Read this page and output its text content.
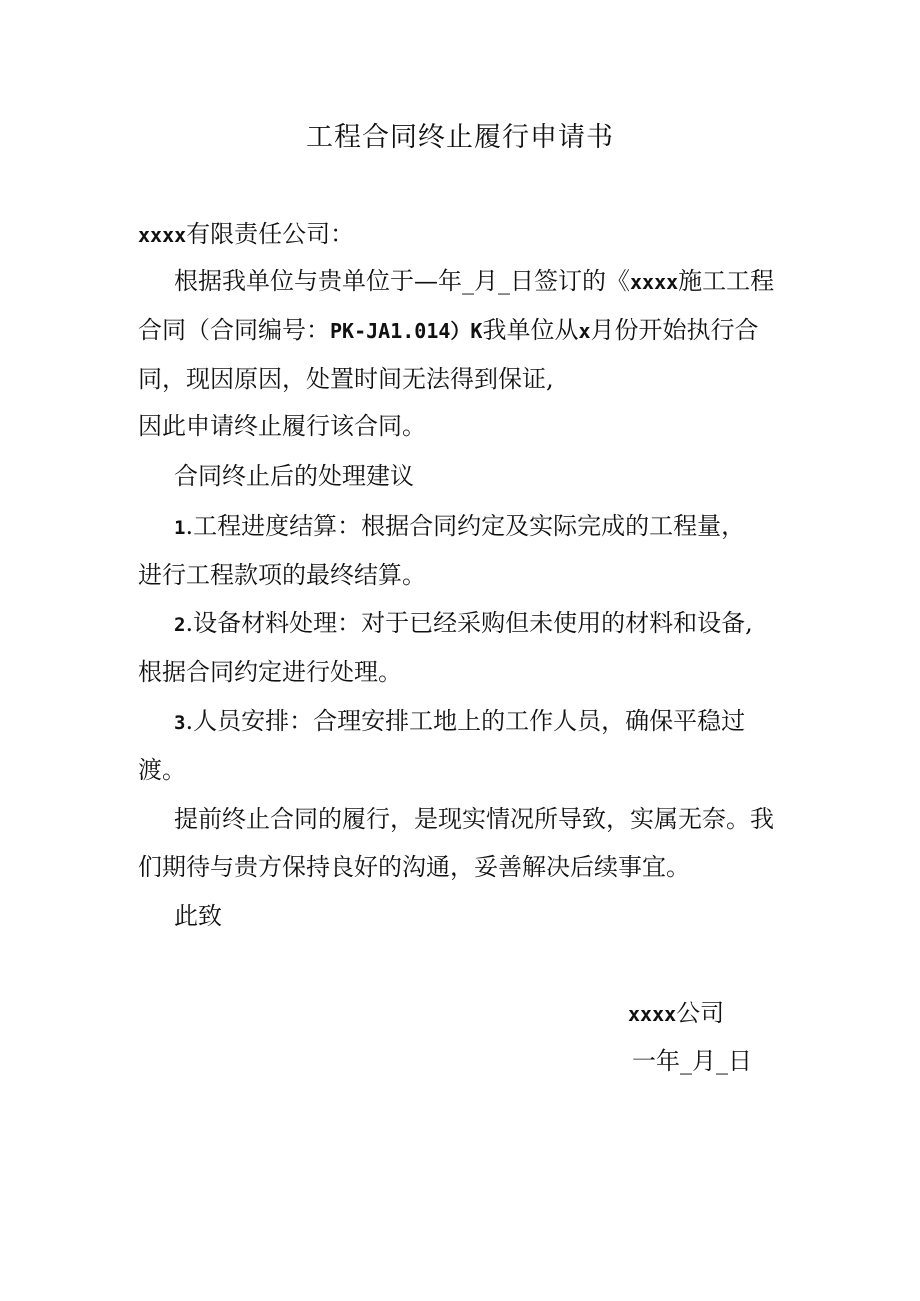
工程合同终止履行申请书
xxxx有限责任公司：
根据我单位与贵单位于—年_月_日签订的《xxxx施工工程
合同（合同编号：PK-JA1.014）K我单位从x月份开始执行合
同，现因原因，处置时间无法得到保证,
因此申请终止履行该合同。
合同终止后的处理建议
1.工程进度结算：根据合同约定及实际完成的工程量，
进行工程款项的最终结算。
2.设备材料处理：对于已经采购但未使用的材料和设备,
根据合同约定进行处理。
3.人员安排：合理安排工地上的工作人员，确保平稳过
渡。
提前终止合同的履行，是现实情况所导致，实属无奈。我
们期待与贵方保持良好的沟通，妥善解决后续事宜。
此致
xxxx公司
一年_月_日
